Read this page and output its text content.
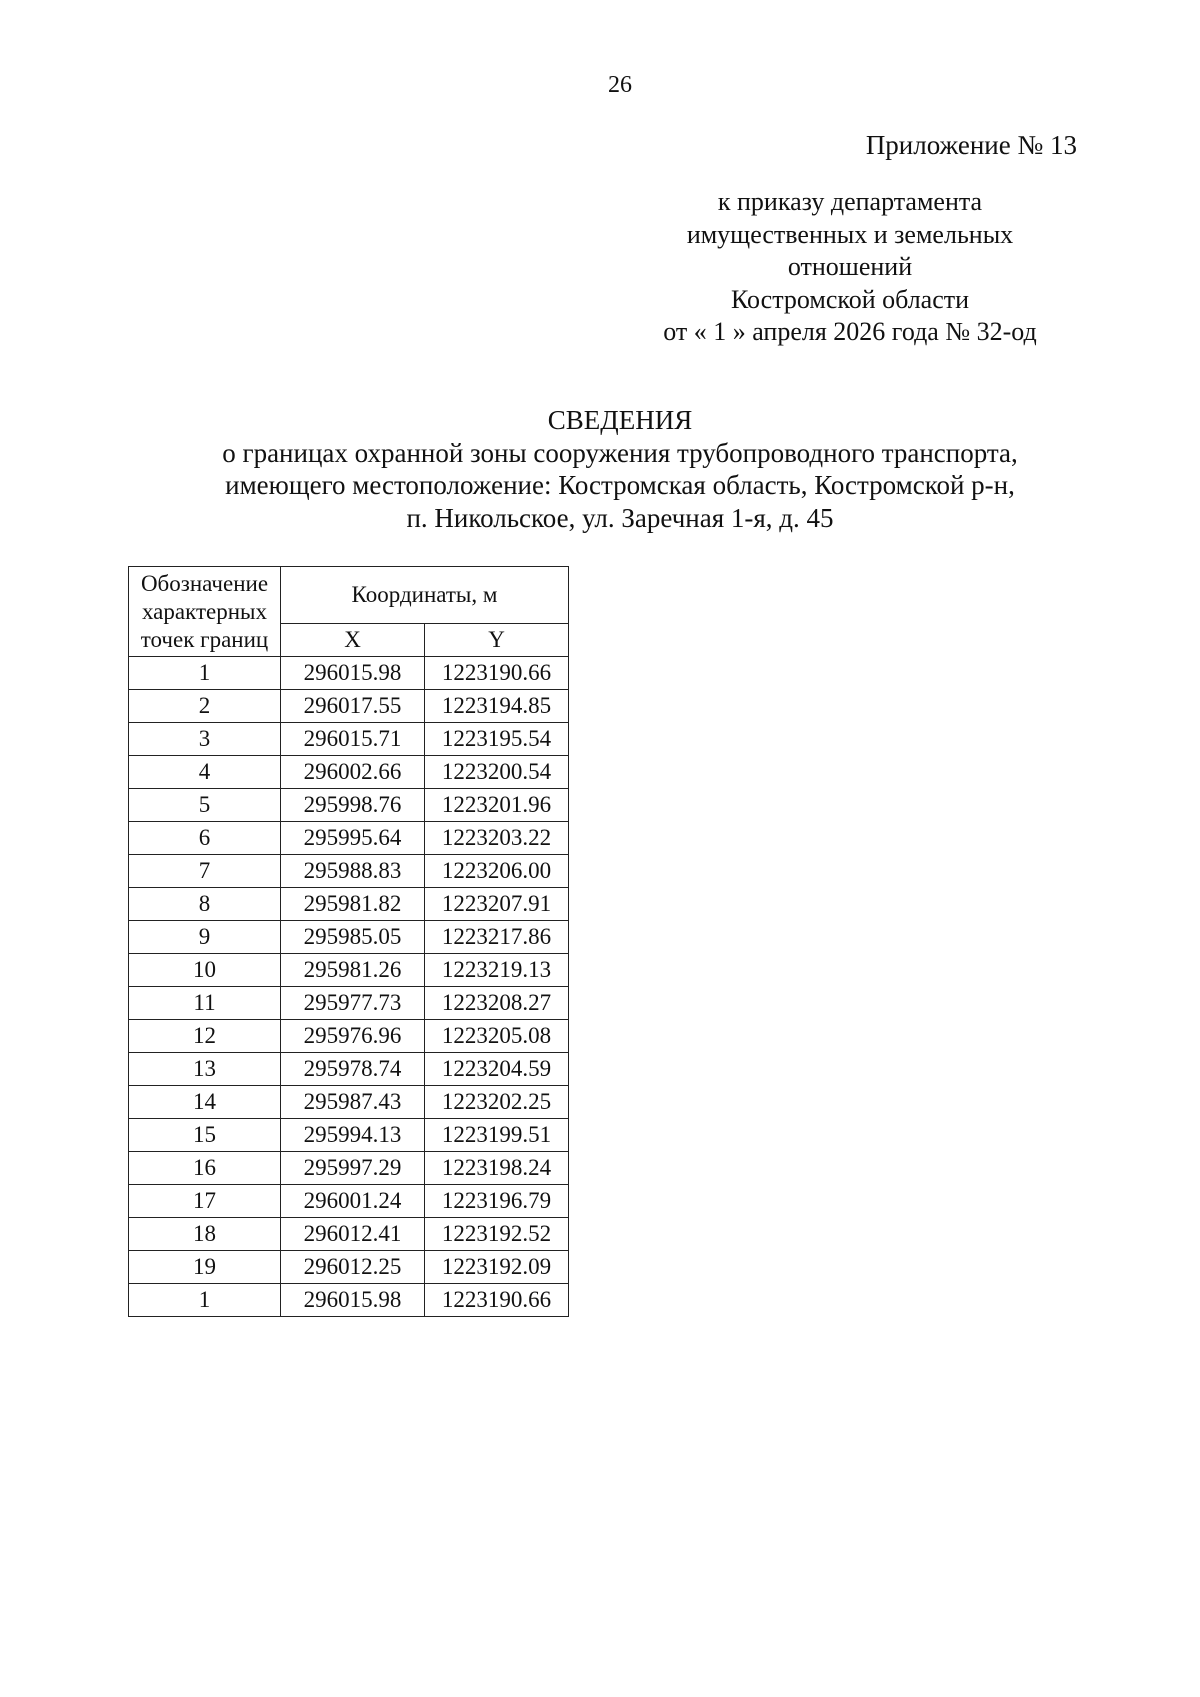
26
Приложение № 13
к приказу департамента
имущественных и земельных
отношений
Костромской области
от « 1 » апреля 2026 года № 32-од
СВЕДЕНИЯ
о границах охранной зоны сооружения трубопроводного транспорта,
имеющего местоположение: Костромская область, Костромской р-н,
п. Никольское, ул. Заречная 1-я, д. 45
Обозначение
характерных
точек границ	Координаты, м	
	X	Y
1	296015.98	1223190.66
2	296017.55	1223194.85
3	296015.71	1223195.54
4	296002.66	1223200.54
5	295998.76	1223201.96
6	295995.64	1223203.22
7	295988.83	1223206.00
8	295981.82	1223207.91
9	295985.05	1223217.86
10	295981.26	1223219.13
11	295977.73	1223208.27
12	295976.96	1223205.08
13	295978.74	1223204.59
14	295987.43	1223202.25
15	295994.13	1223199.51
16	295997.29	1223198.24
17	296001.24	1223196.79
18	296012.41	1223192.52
19	296012.25	1223192.09
1	296015.98	1223190.66
